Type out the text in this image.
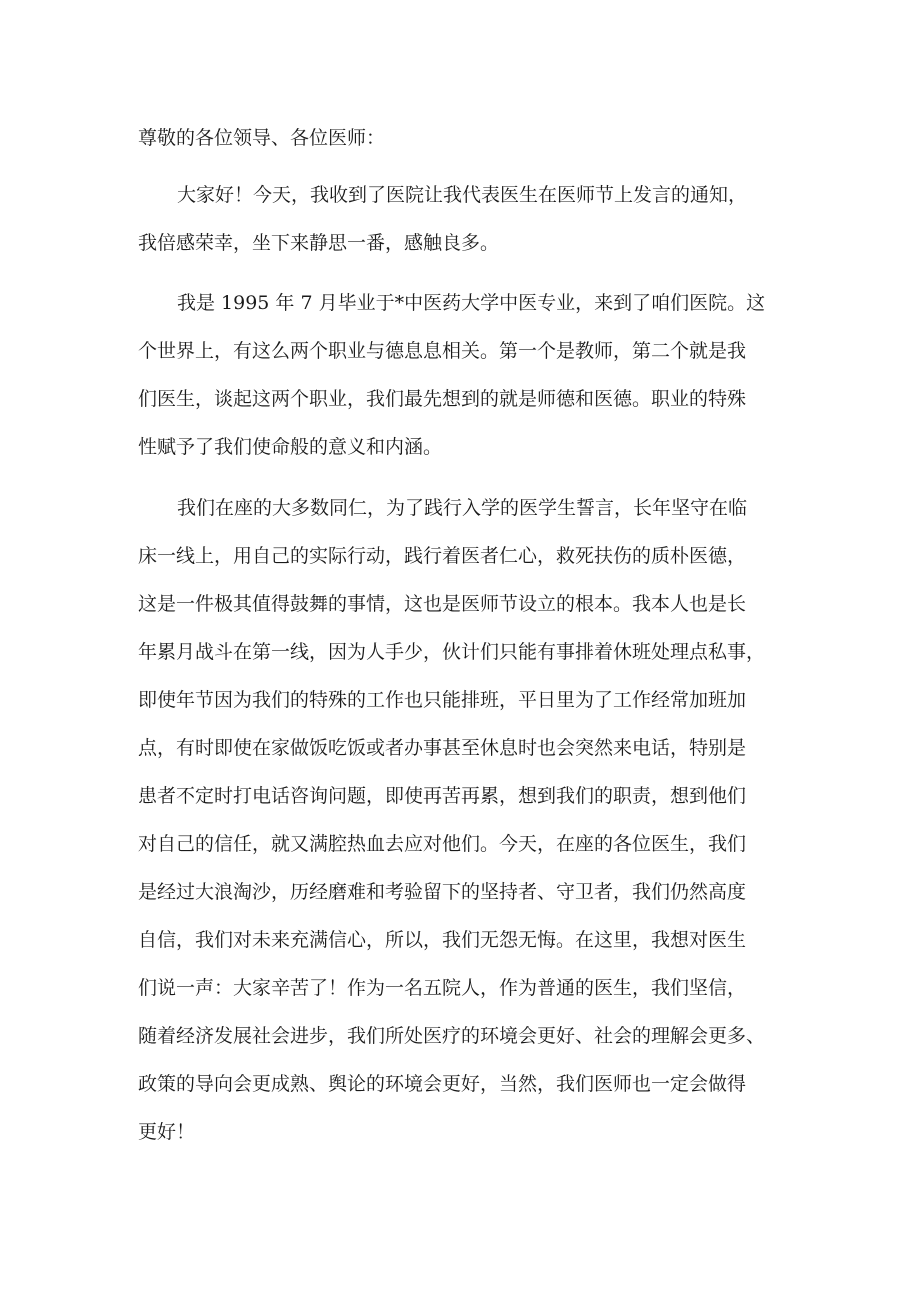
尊敬的各位领导、各位医师：

大家好！今天，我收到了医院让我代表医生在医师节上发言的通知，

我倍感荣幸，坐下来静思一番，感触良多。

我是 1995 年 7 月毕业于*中医药大学中医专业，来到了咱们医院。这

个世界上，有这么两个职业与德息息相关。第一个是教师，第二个就是我

们医生，谈起这两个职业，我们最先想到的就是师德和医德。职业的特殊

性赋予了我们使命般的意义和内涵。

我们在座的大多数同仁，为了践行入学的医学生誓言，长年坚守在临

床一线上，用自己的实际行动，践行着医者仁心，救死扶伤的质朴医德，

这是一件极其值得鼓舞的事情，这也是医师节设立的根本。我本人也是长

年累月战斗在第一线，因为人手少，伙计们只能有事排着休班处理点私事，

即使年节因为我们的特殊的工作也只能排班，平日里为了工作经常加班加

点，有时即使在家做饭吃饭或者办事甚至休息时也会突然来电话，特别是

患者不定时打电话咨询问题，即使再苦再累，想到我们的职责，想到他们

对自己的信任，就又满腔热血去应对他们。今天，在座的各位医生，我们

是经过大浪淘沙，历经磨难和考验留下的坚持者、守卫者，我们仍然高度

自信，我们对未来充满信心，所以，我们无怨无悔。在这里，我想对医生

们说一声：大家辛苦了！作为一名五院人，作为普通的医生，我们坚信，

随着经济发展社会进步，我们所处医疗的环境会更好、社会的理解会更多、

政策的导向会更成熟、舆论的环境会更好，当然，我们医师也一定会做得

更好！
